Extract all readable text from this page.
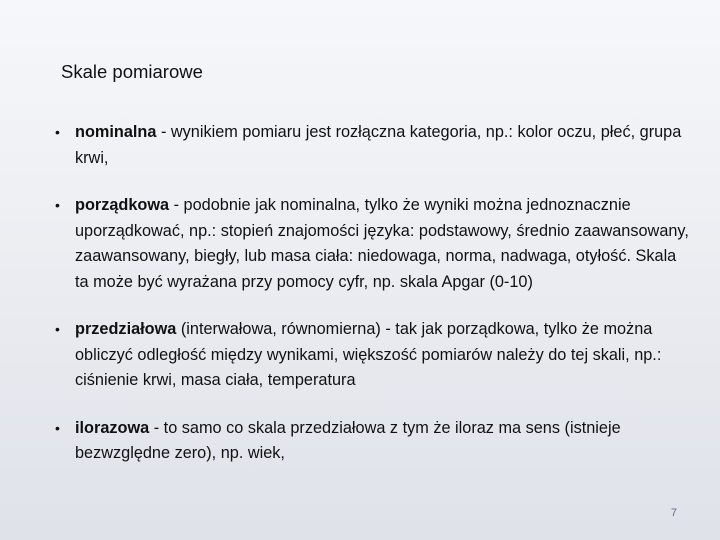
Skale pomiarowe
• nominalna - wynikiem pomiaru jest rozłączna kategoria, np.: kolor oczu, płeć, grupa krwi,
• porządkowa - podobnie jak nominalna, tylko że wyniki można jednoznacznie uporządkować, np.: stopień znajomości języka: podstawowy, średnio zaawansowany, zaawansowany, biegły, lub masa ciała: niedowaga, norma, nadwaga, otyłość. Skala ta może być wyrażana przy pomocy cyfr, np. skala Apgar (0-10)
• przedziałowa (interwałowa, równomierna) - tak jak porządkowa, tylko że można obliczyć odległość między wynikami, większość pomiarów należy do tej skali, np.: ciśnienie krwi, masa ciała, temperatura
• ilorazowa - to samo co skala przedziałowa z tym że iloraz ma sens (istnieje bezwzględne zero), np. wiek,
7
